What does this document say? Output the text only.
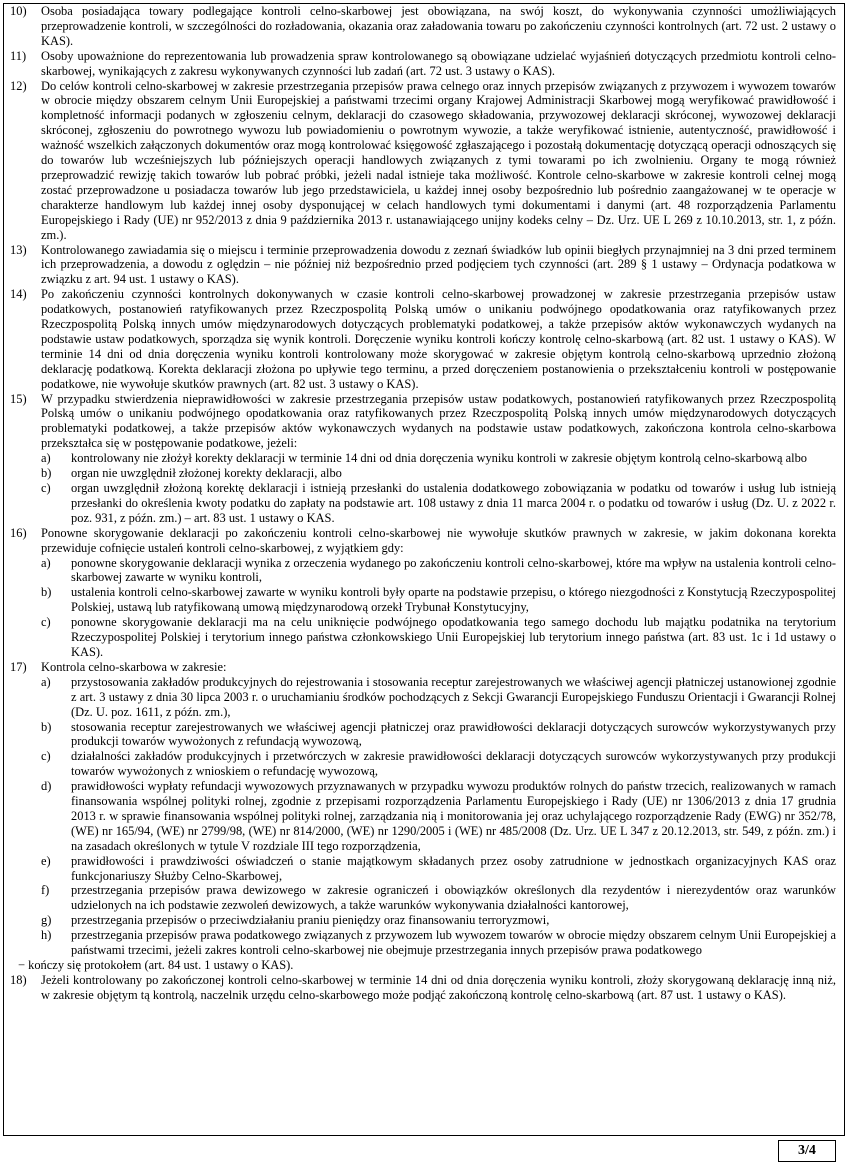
10)	Osoba posiadająca towary podlegające kontroli celno-skarbowej jest obowiązana, na swój koszt, do wykonywania czynności umożliwiających przeprowadzenie kontroli, w szczególności do rozładowania, okazania oraz załadowania towaru po zakończeniu czynności kontrolnych (art. 72 ust. 2 ustawy o KAS).
11)	Osoby upoważnione do reprezentowania lub prowadzenia spraw kontrolowanego są obowiązane udzielać wyjaśnień dotyczących przedmiotu kontroli celno-skarbowej, wynikających z zakresu wykonywanych czynności lub zadań (art. 72 ust. 3 ustawy o KAS).
12)	Do celów kontroli celno-skarbowej w zakresie przestrzegania przepisów prawa celnego oraz innych przepisów związanych z przywozem i wywozem towarów w obrocie między obszarem celnym Unii Europejskiej a państwami trzecimi organy Krajowej Administracji Skarbowej mogą weryfikować prawidłowość i kompletność informacji podanych w zgłoszeniu celnym, deklaracji do czasowego składowania, przywozowej deklaracji skróconej, wywozowej deklaracji skróconej, zgłoszeniu do powrotnego wywozu lub powiadomieniu o powrotnym wywozie, a także weryfikować istnienie, autentyczność, prawidłowość i ważność wszelkich załączonych dokumentów oraz mogą kontrolować księgowość zgłaszającego i pozostałą dokumentację dotyczącą operacji odnoszących się do towarów lub wcześniejszych lub późniejszych operacji handlowych związanych z tymi towarami po ich zwolnieniu. Organy te mogą również przeprowadzić rewizję takich towarów lub pobrać próbki, jeżeli nadal istnieje taka możliwość. Kontrole celno-skarbowe w zakresie kontroli celnej mogą zostać przeprowadzone u posiadacza towarów lub jego przedstawiciela, u każdej innej osoby bezpośrednio lub pośrednio zaangażowanej w te operacje w charakterze handlowym lub każdej innej osoby dysponującej w celach handlowych tymi dokumentami i danymi (art. 48 rozporządzenia Parlamentu Europejskiego i Rady (UE) nr 952/2013 z dnia 9 października 2013 r. ustanawiającego unijny kodeks celny – Dz. Urz. UE L 269 z 10.10.2013, str. 1, z późn. zm.).
13)	Kontrolowanego zawiadamia się o miejscu i terminie przeprowadzenia dowodu z zeznań świadków lub opinii biegłych przynajmniej na 3 dni przed terminem ich przeprowadzenia, a dowodu z oględzin – nie później niż bezpośrednio przed podjęciem tych czynności (art. 289 § 1 ustawy – Ordynacja podatkowa w związku z art. 94 ust. 1 ustawy o KAS).
14)	Po zakończeniu czynności kontrolnych dokonywanych w czasie kontroli celno-skarbowej prowadzonej w zakresie przestrzegania przepisów ustaw podatkowych, postanowień ratyfikowanych przez Rzeczpospolitą Polską umów o unikaniu podwójnego opodatkowania oraz ratyfikowanych przez Rzeczpospolitą Polską innych umów międzynarodowych dotyczących problematyki podatkowej, a także przepisów aktów wykonawczych wydanych na podstawie ustaw podatkowych, sporządza się wynik kontroli. Doręczenie wyniku kontroli kończy kontrolę celno-skarbową (art. 82 ust. 1 ustawy o KAS). W terminie 14 dni od dnia doręczenia wyniku kontroli kontrolowany może skorygować w zakresie objętym kontrolą celno-skarbową uprzednio złożoną deklarację podatkową. Korekta deklaracji złożona po upływie tego terminu, a przed doręczeniem postanowienia o przekształceniu kontroli w postępowanie podatkowe, nie wywołuje skutków prawnych (art. 82 ust. 3 ustawy o KAS).
15)	W przypadku stwierdzenia nieprawidłowości w zakresie przestrzegania przepisów ustaw podatkowych, postanowień ratyfikowanych przez Rzeczpospolitą Polską umów o unikaniu podwójnego opodatkowania oraz ratyfikowanych przez Rzeczpospolitą Polską innych umów międzynarodowych dotyczących problematyki podatkowej, a także przepisów aktów wykonawczych wydanych na podstawie ustaw podatkowych, zakończona kontrola celno-skarbowa przekształca się w postępowanie podatkowe, jeżeli:
a)	kontrolowany nie złożył korekty deklaracji w terminie 14 dni od dnia doręczenia wyniku kontroli w zakresie objętym kontrolą celno-skarbową albo
b)	organ nie uwzględnił złożonej korekty deklaracji, albo
c)	organ uwzględnił złożoną korektę deklaracji i istnieją przesłanki do ustalenia dodatkowego zobowiązania w podatku od towarów i usług lub istnieją przesłanki do określenia kwoty podatku do zapłaty na podstawie art. 108 ustawy z dnia 11 marca 2004 r. o podatku od towarów i usług (Dz. U. z 2022 r. poz. 931, z późn. zm.) – art. 83 ust. 1 ustawy o KAS.
16)	Ponowne skorygowanie deklaracji po zakończeniu kontroli celno-skarbowej nie wywołuje skutków prawnych w zakresie, w jakim dokonana korekta przewiduje cofnięcie ustaleń kontroli celno-skarbowej, z wyjątkiem gdy:
a)	ponowne skorygowanie deklaracji wynika z orzeczenia wydanego po zakończeniu kontroli celno-skarbowej, które ma wpływ na ustalenia kontroli celno-skarbowej zawarte w wyniku kontroli,
b)	ustalenia kontroli celno-skarbowej zawarte w wyniku kontroli były oparte na podstawie przepisu, o którego niezgodności z Konstytucją Rzeczypospolitej Polskiej, ustawą lub ratyfikowaną umową międzynarodową orzekł Trybunał Konstytucyjny,
c)	ponowne skorygowanie deklaracji ma na celu uniknięcie podwójnego opodatkowania tego samego dochodu lub majątku podatnika na terytorium Rzeczypospolitej Polskiej i terytorium innego państwa członkowskiego Unii Europejskiej lub terytorium innego państwa (art. 83 ust. 1c i 1d ustawy o KAS).
17)	Kontrola celno-skarbowa w zakresie:
a)	przystosowania zakładów produkcyjnych do rejestrowania i stosowania receptur zarejestrowanych we właściwej agencji płatniczej ustanowionej zgodnie z art. 3 ustawy z dnia 30 lipca 2003 r. o uruchamianiu środków pochodzących z Sekcji Gwarancji Europejskiego Funduszu Orientacji i Gwarancji Rolnej (Dz. U. poz. 1611, z późn. zm.),
b)	stosowania receptur zarejestrowanych we właściwej agencji płatniczej oraz prawidłowości deklaracji dotyczących surowców wykorzystywanych przy produkcji towarów wywożonych z refundacją wywozową,
c)	działalności zakładów produkcyjnych i przetwórczych w zakresie prawidłowości deklaracji dotyczących surowców wykorzystywanych przy produkcji towarów wywożonych z wnioskiem o refundację wywozową,
d)	prawidłowości wypłaty refundacji wywozowych przyznawanych w przypadku wywozu produktów rolnych do państw trzecich, realizowanych w ramach finansowania wspólnej polityki rolnej, zgodnie z przepisami rozporządzenia Parlamentu Europejskiego i Rady (UE) nr 1306/2013 z dnia 17 grudnia 2013 r. w sprawie finansowania wspólnej polityki rolnej, zarządzania nią i monitorowania jej oraz uchylającego rozporządzenie Rady (EWG) nr 352/78, (WE) nr 165/94, (WE) nr 2799/98, (WE) nr 814/2000, (WE) nr 1290/2005 i (WE) nr 485/2008 (Dz. Urz. UE L 347 z 20.12.2013, str. 549, z późn. zm.) i na zasadach określonych w tytule V rozdziale III tego rozporządzenia,
e)	prawidłowości i prawdziwości oświadczeń o stanie majątkowym składanych przez osoby zatrudnione w jednostkach organizacyjnych KAS oraz funkcjonariuszy Służby Celno-Skarbowej,
f)	przestrzegania przepisów prawa dewizowego w zakresie ograniczeń i obowiązków określonych dla rezydentów i nierezydentów oraz warunków udzielonych na ich podstawie zezwoleń dewizowych, a także warunków wykonywania działalności kantorowej,
g)	przestrzegania przepisów o przeciwdziałaniu praniu pieniędzy oraz finansowaniu terroryzmowi,
h)	przestrzegania przepisów prawa podatkowego związanych z przywozem lub wywozem towarów w obrocie między obszarem celnym Unii Europejskiej a państwami trzecimi, jeżeli zakres kontroli celno-skarbowej nie obejmuje przestrzegania innych przepisów prawa podatkowego
− kończy się protokołem (art. 84 ust. 1 ustawy o KAS).
18)	Jeżeli kontrolowany po zakończonej kontroli celno-skarbowej w terminie 14 dni od dnia doręczenia wyniku kontroli, złoży skorygowaną deklarację inną niż, w zakresie objętym tą kontrolą, naczelnik urzędu celno-skarbowego może podjąć zakończoną kontrolę celno-skarbową (art. 87 ust. 1 ustawy o KAS).
3/4
